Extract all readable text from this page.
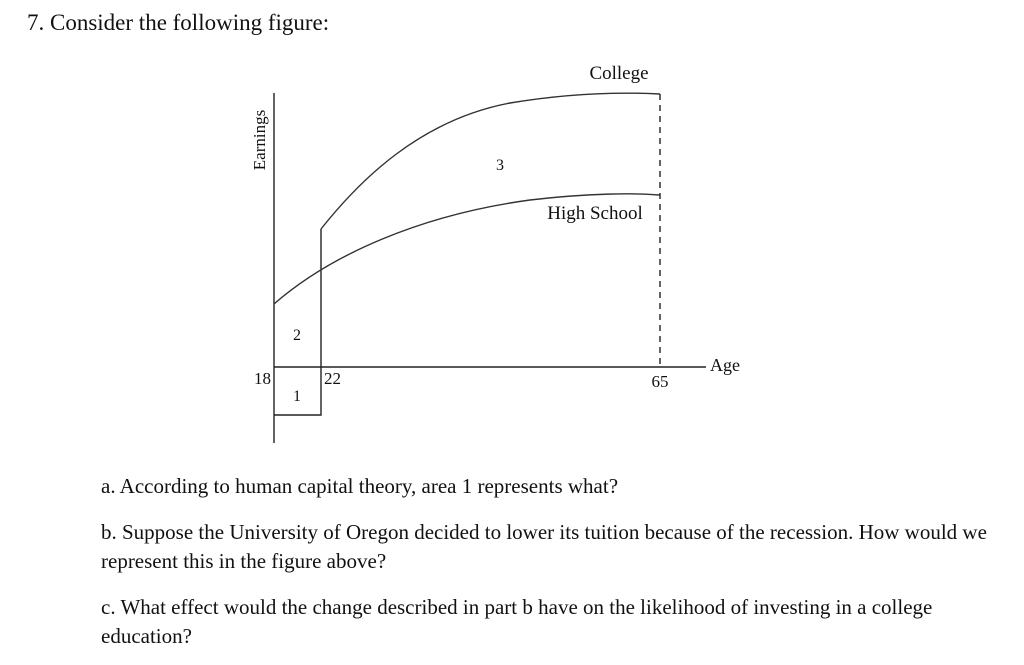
7. Consider the following figure:
Earnings
Age
College
High School
18	22	65
1
2
3
a. According to human capital theory, area 1 represents what?
b. Suppose the University of Oregon decided to lower its tuition because of the recession. How would we represent this in the figure above?
c. What effect would the change described in part b have on the likelihood of investing in a college education?
